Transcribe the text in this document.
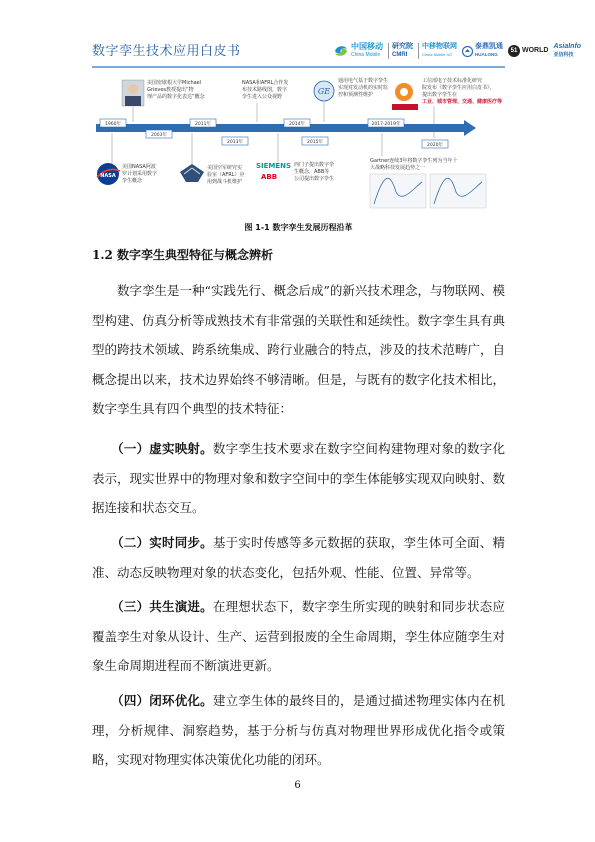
数字孪生技术应用白皮书	中国移动
China Mobile
研究院
CMRI
中移物联网
China Mobile IoT
泰鼎凯通
HUALONG
51 WORLD
AsiaInfo
亚信科技
GE
美国密歇根大学Michael
Grieves教授提出“物
理产品的数字化表达”概念
NASA和AFRL合作发
布技术路线图，数字
孪生进入公众视野
通用电气基于数字孪生
实现对发动机的实时监
控和预测性维护
工信部电子技术标准化研究
院发布《数字孪生应用白皮书》，
提出数字孪生在
工业、城市管理、交通、健康医疗等
1960年
2003年
2011年
2013年
2014年
2015年
2017-2019年
2020年
NASA
美国NASA阿波
罗计划采用数字
孪生概念
美国空军研究实
验室（AFRL）应
用到战斗机维护
SIEMENS
ABB
西门子提出数字孪
生概念，ABB等
公司提出数字孪生
Gartner连续3年将数字孪生列为当年十
大战略科技发展趋势之一
图 1-1 数字孪生发展历程沿革
1.2 数字孪生典型特征与概念辨析
　　数字孪生是一种“实践先行、概念后成”的新兴技术理念，与物联网、模型构建、仿真分析等成熟技术有非常强的关联性和延续性。数字孪生具有典型的跨技术领域、跨系统集成、跨行业融合的特点，涉及的技术范畴广，自概念提出以来，技术边界始终不够清晰。但是，与既有的数字化技术相比，数字孪生具有四个典型的技术特征：
　　（一）虚实映射。数字孪生技术要求在数字空间构建物理对象的数字化表示，现实世界中的物理对象和数字空间中的孪生体能够实现双向映射、数据连接和状态交互。
　　（二）实时同步。基于实时传感等多元数据的获取，孪生体可全面、精准、动态反映物理对象的状态变化，包括外观、性能、位置、异常等。
　　（三）共生演进。在理想状态下，数字孪生所实现的映射和同步状态应覆盖孪生对象从设计、生产、运营到报废的全生命周期，孪生体应随孪生对象生命周期进程而不断演进更新。
　　（四）闭环优化。建立孪生体的最终目的，是通过描述物理实体内在机理，分析规律、洞察趋势，基于分析与仿真对物理世界形成优化指令或策略，实现对物理实体决策优化功能的闭环。
6
